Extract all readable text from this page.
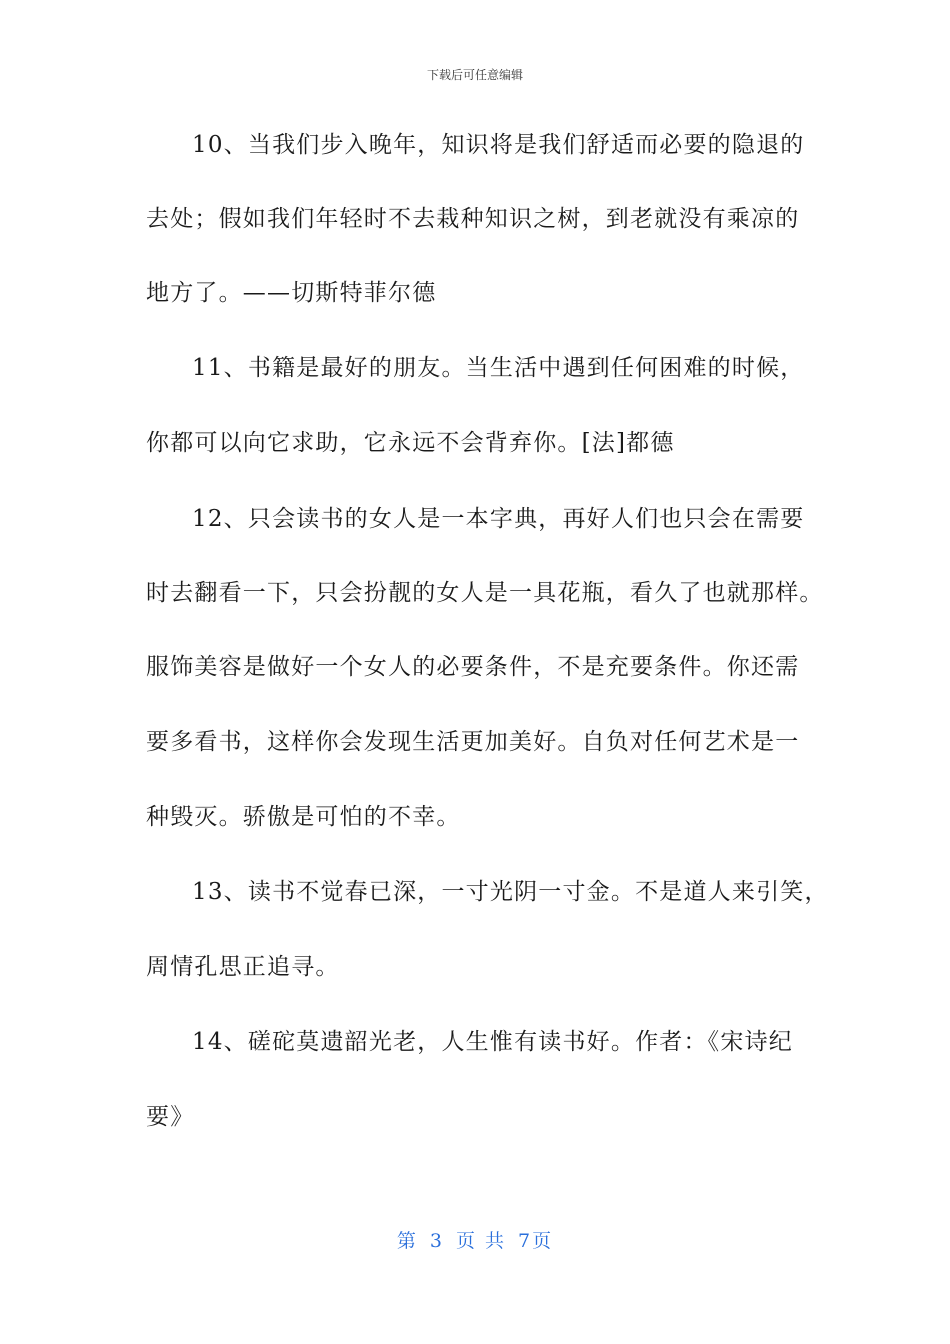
下载后可任意编辑
10、当我们步入晚年，知识将是我们舒适而必要的隐退的
去处；假如我们年轻时不去栽种知识之树，到老就没有乘凉的
地方了。——切斯特菲尔德
11、书籍是最好的朋友。当生活中遇到任何困难的时候，
你都可以向它求助，它永远不会背弃你。[法]都德
12、只会读书的女人是一本字典，再好人们也只会在需要
时去翻看一下，只会扮靓的女人是一具花瓶，看久了也就那样。
服饰美容是做好一个女人的必要条件，不是充要条件。你还需
要多看书，这样你会发现生活更加美好。自负对任何艺术是一
种毁灭。骄傲是可怕的不幸。
13、读书不觉春已深，一寸光阴一寸金。不是道人来引笑，
周情孔思正追寻。
14、磋砣莫遗韶光老，人生惟有读书好。作者：《宋诗纪
要》
第 3 页 共 7页
